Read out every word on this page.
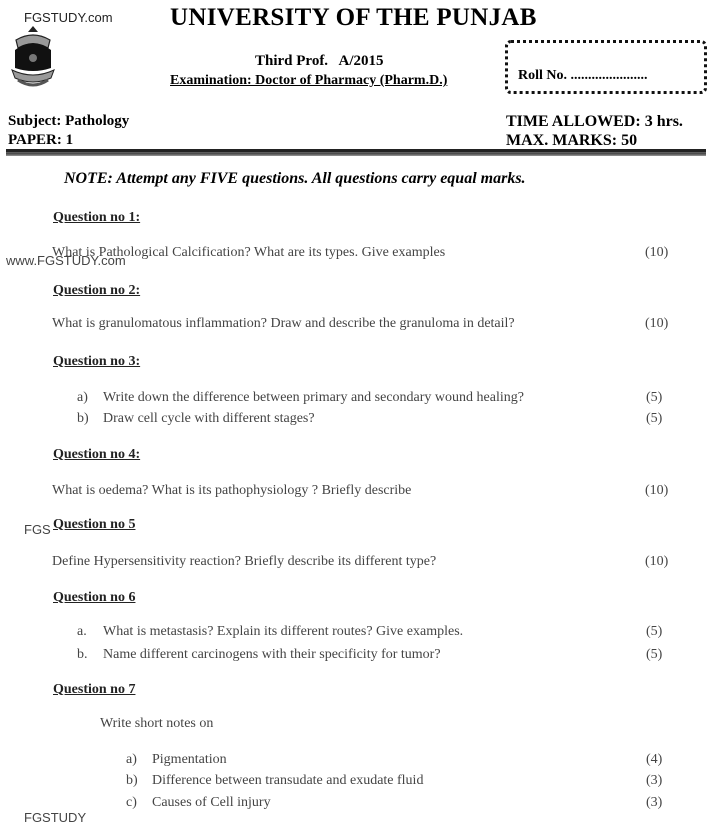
FGSTUDY.com UNIVERSITY OF THE PUNJAB
Third Prof.   A/2015
Examination: Doctor of Pharmacy (Pharm.D.)	Roll No. ......................
Subject: Pathology
PAPER: 1
TIME ALLOWED: 3 hrs.
MAX. MARKS: 50
NOTE: Attempt any FIVE questions. All questions carry equal marks.
Question no 1:
www.FGSTUDY.com
What is Pathological Calcification? What are its types. Give examples	(10)
Question no 2:
What is granulomatous inflammation? Draw and describe the granuloma in detail?	(10)
Question no 3:
a) Write down the difference between primary and secondary wound healing?	(5)
b) Draw cell cycle with different stages?	(5)
Question no 4:
What is oedema? What is its pathophysiology ? Briefly describe	(10)
FGS Question no 5
Define Hypersensitivity reaction? Briefly describe its different type?	(10)
Question no 6
a. What is metastasis? Explain its different routes? Give examples.	(5)
b. Name different carcinogens with their specificity for tumor?	(5)
Question no 7
Write short notes on
a) Pigmentation	(4)
b) Difference between transudate and exudate fluid	(3)
c) Causes of Cell injury	(3)
FGSTUDY
